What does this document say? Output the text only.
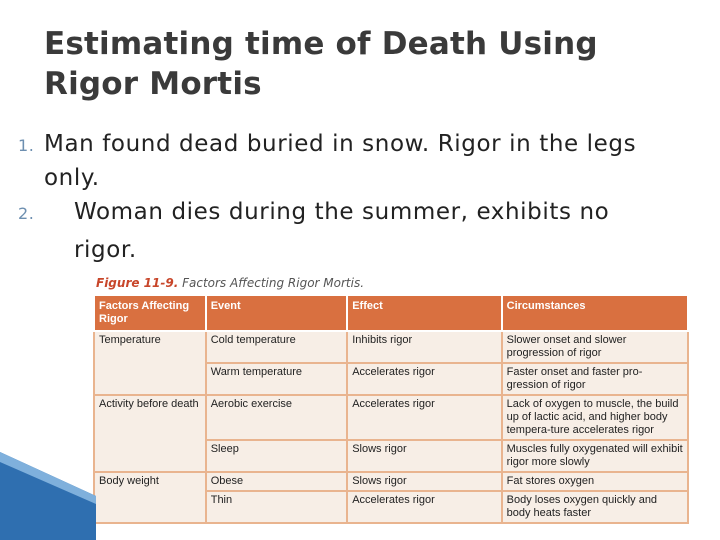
Estimating time of Death Using
Rigor Mortis
1. Man found dead buried in snow. Rigor in the legs
only.
2. Woman dies during the summer, exhibits no
rigor.
Figure 11-9. Factors Affecting Rigor Mortis.
Factors Affecting Rigor	Event	Effect	Circumstances
Temperature	Cold temperature	Inhibits rigor	Slower onset and slower progression of rigor
	Warm temperature	Accelerates rigor	Faster onset and faster pro-gression of rigor
Activity before death	Aerobic exercise	Accelerates rigor	Lack of oxygen to muscle, the build up of lactic acid, and higher body tempera-ture accelerates rigor
	Sleep	Slows rigor	Muscles fully oxygenated will exhibit rigor more slowly
Body weight	Obese	Slows rigor	Fat stores oxygen
	Thin	Accelerates rigor	Body loses oxygen quickly and body heats faster
